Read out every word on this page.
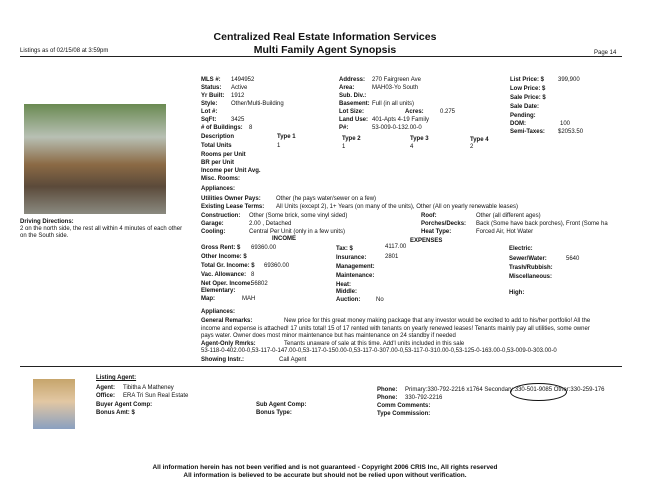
Centralized Real Estate Information Services
Multi Family Agent Synopsis
Listings as of 02/15/08 at 3:59pm	Page 14
MLS #: 1494952
Status: Active
Yr Built: 1912
Style: Other/Multi-Building
Lot #:
SqFt: 3425
# of Buildings: 8
Address: 270 Fairgreen Ave
Area:	MAH03-Yo South
Sub. Div.:
Basement: Full (in all units)
Lot Size:	Acres:	0.275
Land Use: 401-Apts 4-19 Family
P#:	53-009-0-132.00-0
List Price: $ 399,900
Low Price: $
Sale Price: $
Sale Date:
Pending:
DOM:	100
Semi-Taxes: $2053.50
Description	Type 1	Type 2	Type 3	Type 4
Total Units	1	1	4	2
Rooms per Unit
BR per Unit
Income per Unit Avg.
Misc. Rooms:
Appliances:
Utilities Owner Pays:	Other (he pays water/sewer on a few)
Existing Lease Terms: All Units (except 2), 1+ Years (on many of the units), Other (All on yearly renewable leases)
Construction: Other (Some brick, some vinyl sided)	Roof:	Other (all different ages)
Garage:	2.00 , Detached	Porches/Decks: Back (Some have back porches), Front (Some ha
Cooling:	Central Per Unit (only in a few units)	Heat Type:	Forced Air, Hot Water
INCOME	EXPENSES
Gross Rent: $ 69360.00
Other Income: $
Total Gr. Income: $ 69360.00
Vac. Allowance: 8
Net Oper. Income:
56802
Elementary:
Map:	MAH
Tax: $	4117.00
Insurance:	2801
Management:
Maintenance:
Heat:
Middle:
Auction:	No
Electric:
Sewer/Water:	5640
Trash/Rubbish:
Miscellaneous:
High:
Driving Directions:
2 on the north side, the rest all within 4 minutes of each other
on the South side.
Appliances:
General Remarks:	New price for this great money making package that any investor would be excited to add to his/her portfolio! All the
income and expense is attached! 17 units total! 15 of 17 rented with tenants on yearly renewed leases! Tenants mainly pay all utilities, some owner
pays water. Owner does most minor maintenance but has maintenance on 24 standby if needed
Agent-Only Rmrks:	Tenants unaware of sale at this time. Add'l units included in this sale
53-118-0-402.00-0,53-117-0-147.00-0,53-117-0-150.00-0,53-117-0-307.00-0,53-117-0-310.00-0,53-125-0-163.00-0,53-009-0-303.00-0
Showing Instr.:	Call Agent
Listing Agent:
Agent: Tibitha A Matheney
Office: ERA Tri Sun Real Estate
Buyer Agent Comp:
Bonus Amt: $
Sub Agent Comp:
Bonus Type:
Phone: Primary:330-792-2216 x1764 Secondary:330-501-9085 Other:330-259-176
Phone: 330-792-2216
Comm Comments:
Type Commission:
All information herein has not been verified and is not guaranteed - Copyright 2006 CRIS Inc, All rights reserved
All information is believed to be accurate but should not be relied upon without verification.
